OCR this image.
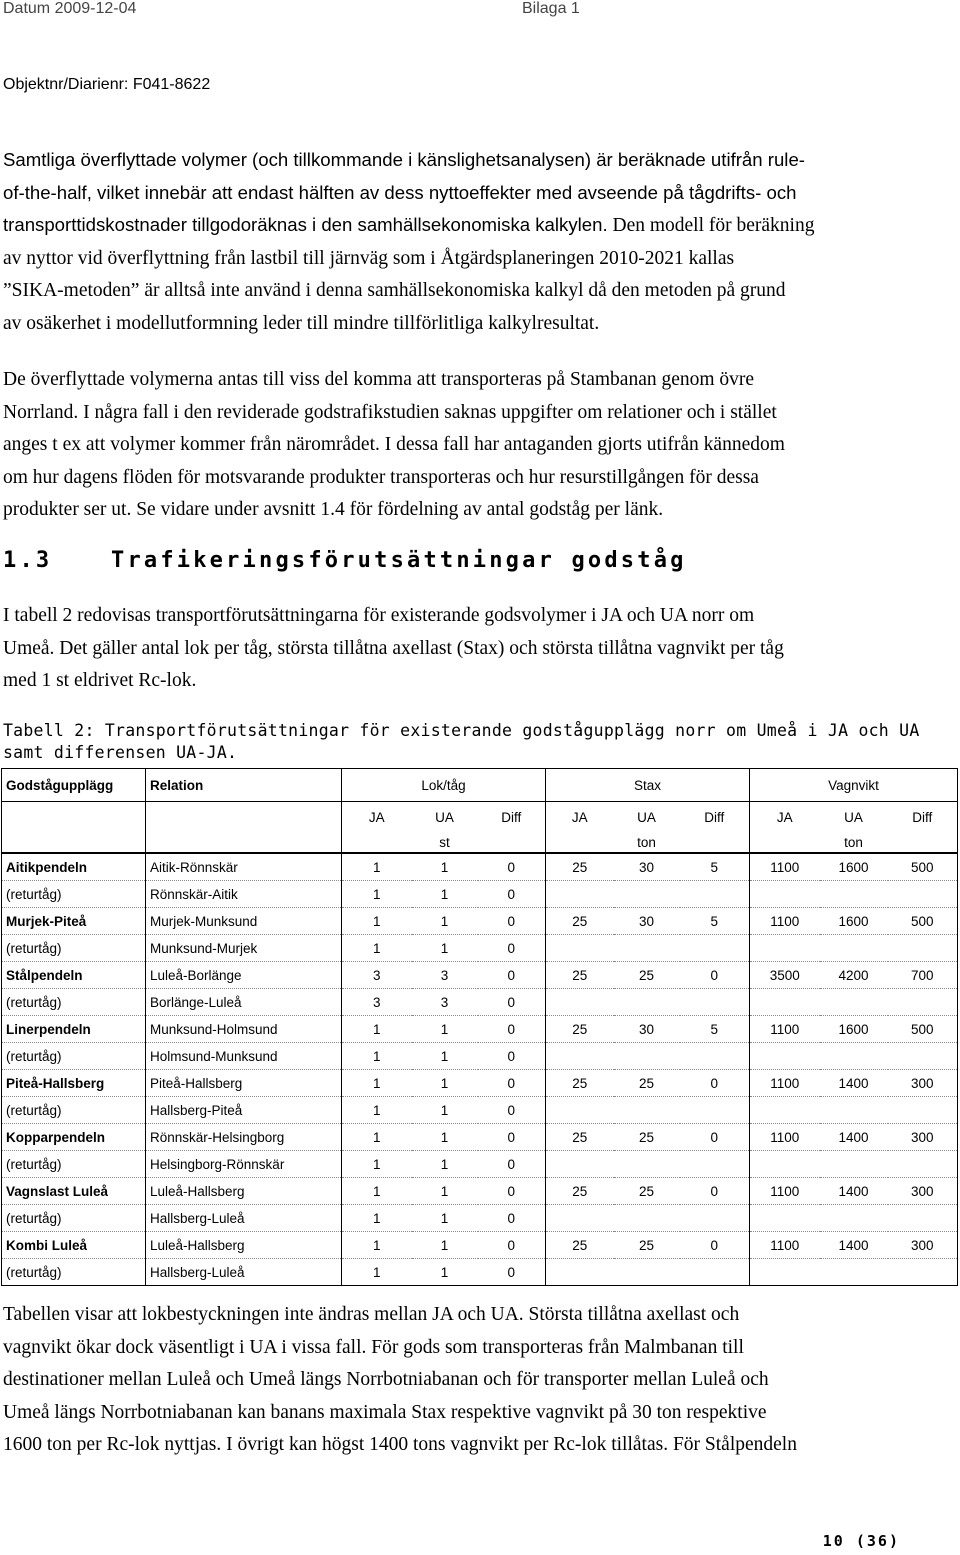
Datum 2009-12-04	Bilaga 1
Objektnr/Diarienr: F041-8622
Samtliga överflyttade volymer (och tillkommande i känslighetsanalysen) är beräknade utifrån rule-
of-the-half, vilket innebär att endast hälften av dess nyttoeffekter med avseende på tågdrifts- och
transporttidskostnader tillgodoräknas i den samhällsekonomiska kalkylen. Den modell för beräkning
av nyttor vid överflyttning från lastbil till järnväg som i Åtgärdsplaneringen 2010-2021 kallas
”SIKA-metoden” är alltså inte använd i denna samhällsekonomiska kalkyl då den metoden på grund
av osäkerhet i modellutformning leder till mindre tillförlitliga kalkylresultat.
De överflyttade volymerna antas till viss del komma att transporteras på Stambanan genom övre
Norrland. I några fall i den reviderade godstrafikstudien saknas uppgifter om relationer och i stället
anges t ex att volymer kommer från närområdet. I dessa fall har antaganden gjorts utifrån kännedom
om hur dagens flöden för motsvarande produkter transporteras och hur resurstillgången för dessa
produkter ser ut. Se vidare under avsnitt 1.4 för fördelning av antal godståg per länk.
1.3	Trafikeringsförutsättningar godståg
I tabell 2 redovisas transportförutsättningarna för existerande godsvolymer i JA och UA norr om
Umeå. Det gäller antal lok per tåg, största tillåtna axellast (Stax) och största tillåtna vagnvikt per tåg
med 1 st eldrivet Rc-lok.
Tabell 2: Transportförutsättningar för existerande godstågupplägg norr om Umeå i JA och UA
samt differensen UA-JA.
Godstågupplägg	Relation	Lok/tåg			Stax			Vagnvikt		
		JA	UA	Diff	JA	UA	Diff	JA	UA	Diff
			st			ton			ton	
Aitikpendeln	Aitik-Rönnskär	1	1	0	25	30	5	1100	1600	500
(returtåg)	Rönnskär-Aitik	1	1	0						
Murjek-Piteå	Murjek-Munksund	1	1	0	25	30	5	1100	1600	500
(returtåg)	Munksund-Murjek	1	1	0						
Stålpendeln	Luleå-Borlänge	3	3	0	25	25	0	3500	4200	700
(returtåg)	Borlänge-Luleå	3	3	0						
Linerpendeln	Munksund-Holmsund	1	1	0	25	30	5	1100	1600	500
(returtåg)	Holmsund-Munksund	1	1	0						
Piteå-Hallsberg	Piteå-Hallsberg	1	1	0	25	25	0	1100	1400	300
(returtåg)	Hallsberg-Piteå	1	1	0						
Kopparpendeln	Rönnskär-Helsingborg	1	1	0	25	25	0	1100	1400	300
(returtåg)	Helsingborg-Rönnskär	1	1	0						
Vagnslast Luleå	Luleå-Hallsberg	1	1	0	25	25	0	1100	1400	300
(returtåg)	Hallsberg-Luleå	1	1	0						
Kombi Luleå	Luleå-Hallsberg	1	1	0	25	25	0	1100	1400	300
(returtåg)	Hallsberg-Luleå	1	1	0						
Tabellen visar att lokbestyckningen inte ändras mellan JA och UA. Största tillåtna axellast och
vagnvikt ökar dock väsentligt i UA i vissa fall. För gods som transporteras från Malmbanan till
destinationer mellan Luleå och Umeå längs Norrbotniabanan och för transporter mellan Luleå och
Umeå längs Norrbotniabanan kan banans maximala Stax respektive vagnvikt på 30 ton respektive
1600 ton per Rc-lok nyttjas. I övrigt kan högst 1400 tons vagnvikt per Rc-lok tillåtas. För Stålpendeln
10 (36)
